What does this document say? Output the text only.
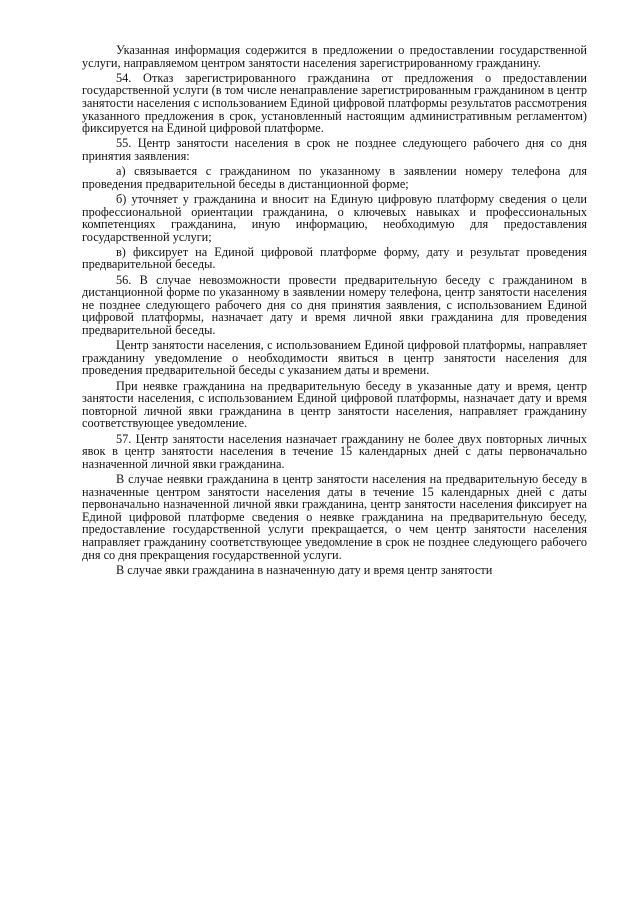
Указанная информация содержится в предложении о предоставлении государственной услуги, направляемом центром занятости населения зарегистрированному гражданину.

54. Отказ зарегистрированного гражданина от предложения о предоставлении государственной услуги (в том числе ненаправление зарегистрированным гражданином в центр занятости населения с использованием Единой цифровой платформы результатов рассмотрения указанного предложения в срок, установленный настоящим административным регламентом) фиксируется на Единой цифровой платформе.

55. Центр занятости населения в срок не позднее следующего рабочего дня со дня принятия заявления:

а) связывается с гражданином по указанному в заявлении номеру телефона для проведения предварительной беседы в дистанционной форме;

б) уточняет у гражданина и вносит на Единую цифровую платформу сведения о цели профессиональной ориентации гражданина, о ключевых навыках и профессиональных компетенциях гражданина, иную информацию, необходимую для предоставления государственной услуги;

в) фиксирует на Единой цифровой платформе форму, дату и результат проведения предварительной беседы.

56. В случае невозможности провести предварительную беседу с гражданином в дистанционной форме по указанному в заявлении номеру телефона, центр занятости населения не позднее следующего рабочего дня со дня принятия заявления, с использованием Единой цифровой платформы, назначает дату и время личной явки гражданина для проведения предварительной беседы.

Центр занятости населения, с использованием Единой цифровой платформы, направляет гражданину уведомление о необходимости явиться в центр занятости населения для проведения предварительной беседы с указанием даты и времени.

При неявке гражданина на предварительную беседу в указанные дату и время, центр занятости населения, с использованием Единой цифровой платформы, назначает дату и время повторной личной явки гражданина в центр занятости населения, направляет гражданину соответствующее уведомление.

57. Центр занятости населения назначает гражданину не более двух повторных личных явок в центр занятости населения в течение 15 календарных дней с даты первоначально назначенной личной явки гражданина.

В случае неявки гражданина в центр занятости населения на предварительную беседу в назначенные центром занятости населения даты в течение 15 календарных дней с даты первоначально назначенной личной явки гражданина, центр занятости населения фиксирует на Единой цифровой платформе сведения о неявке гражданина на предварительную беседу, предоставление государственной услуги прекращается, о чем центр занятости населения направляет гражданину соответствующее уведомление в срок не позднее следующего рабочего дня со дня прекращения государственной услуги.

В случае явки гражданина в назначенную дату и время центр занятости
